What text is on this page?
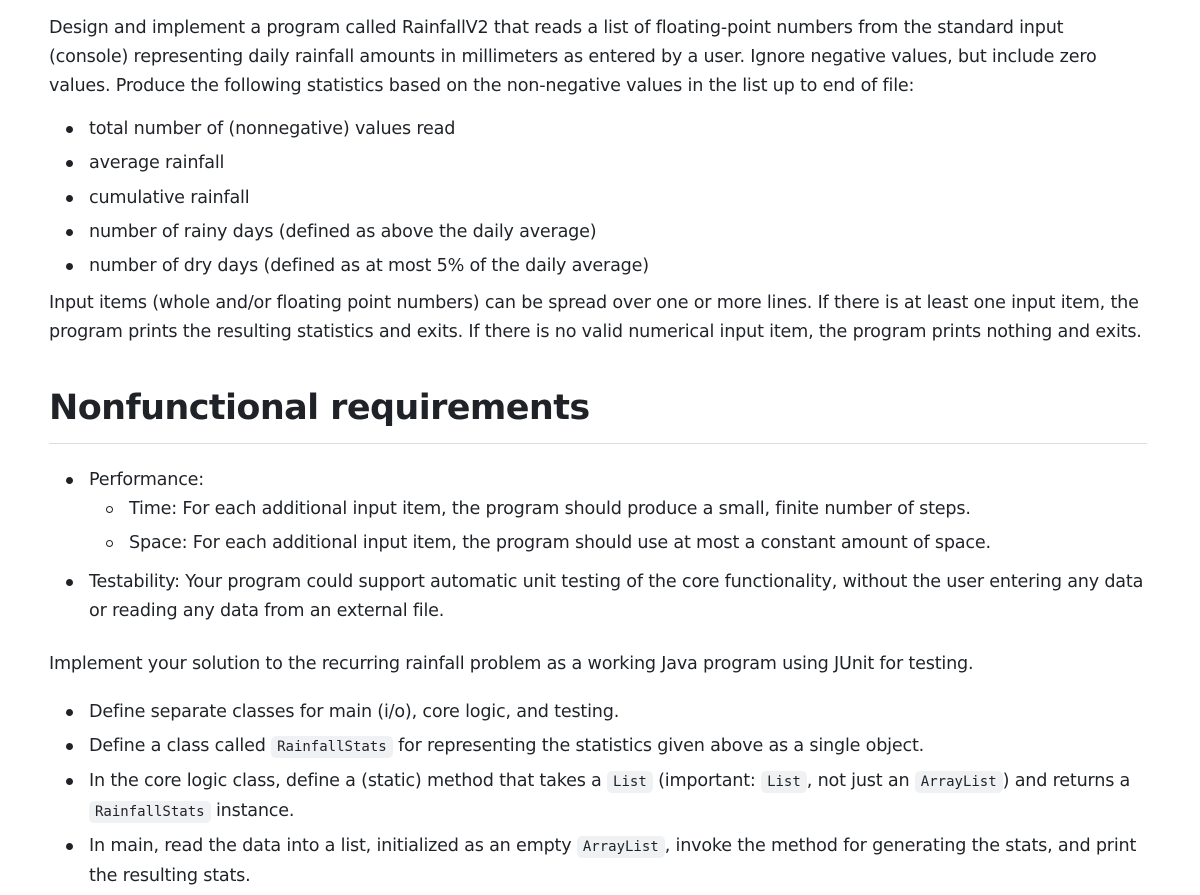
Design and implement a program called RainfallV2 that reads a list of floating-point numbers from the standard input (console) representing daily rainfall amounts in millimeters as entered by a user. Ignore negative values, but include zero values. Produce the following statistics based on the non-negative values in the list up to end of file:

total number of (nonnegative) values read
average rainfall
cumulative rainfall
number of rainy days (defined as above the daily average)
number of dry days (defined as at most 5% of the daily average)

Input items (whole and/or floating point numbers) can be spread over one or more lines. If there is at least one input item, the program prints the resulting statistics and exits. If there is no valid numerical input item, the program prints nothing and exits.

Nonfunctional requirements
Performance:
Time: For each additional input item, the program should produce a small, finite number of steps.
Space: For each additional input item, the program should use at most a constant amount of space.
Testability: Your program could support automatic unit testing of the core functionality, without the user entering any data or reading any data from an external file.

Implement your solution to the recurring rainfall problem as a working Java program using JUnit for testing.

Define separate classes for main (i/o), core logic, and testing.
Define a class called RainfallStats for representing the statistics given above as a single object.
In the core logic class, define a (static) method that takes a List (important: List , not just an ArrayList ) and returns a RainfallStats instance.
In main, read the data into a list, initialized as an empty ArrayList , invoke the method for generating the stats, and print the resulting stats.
